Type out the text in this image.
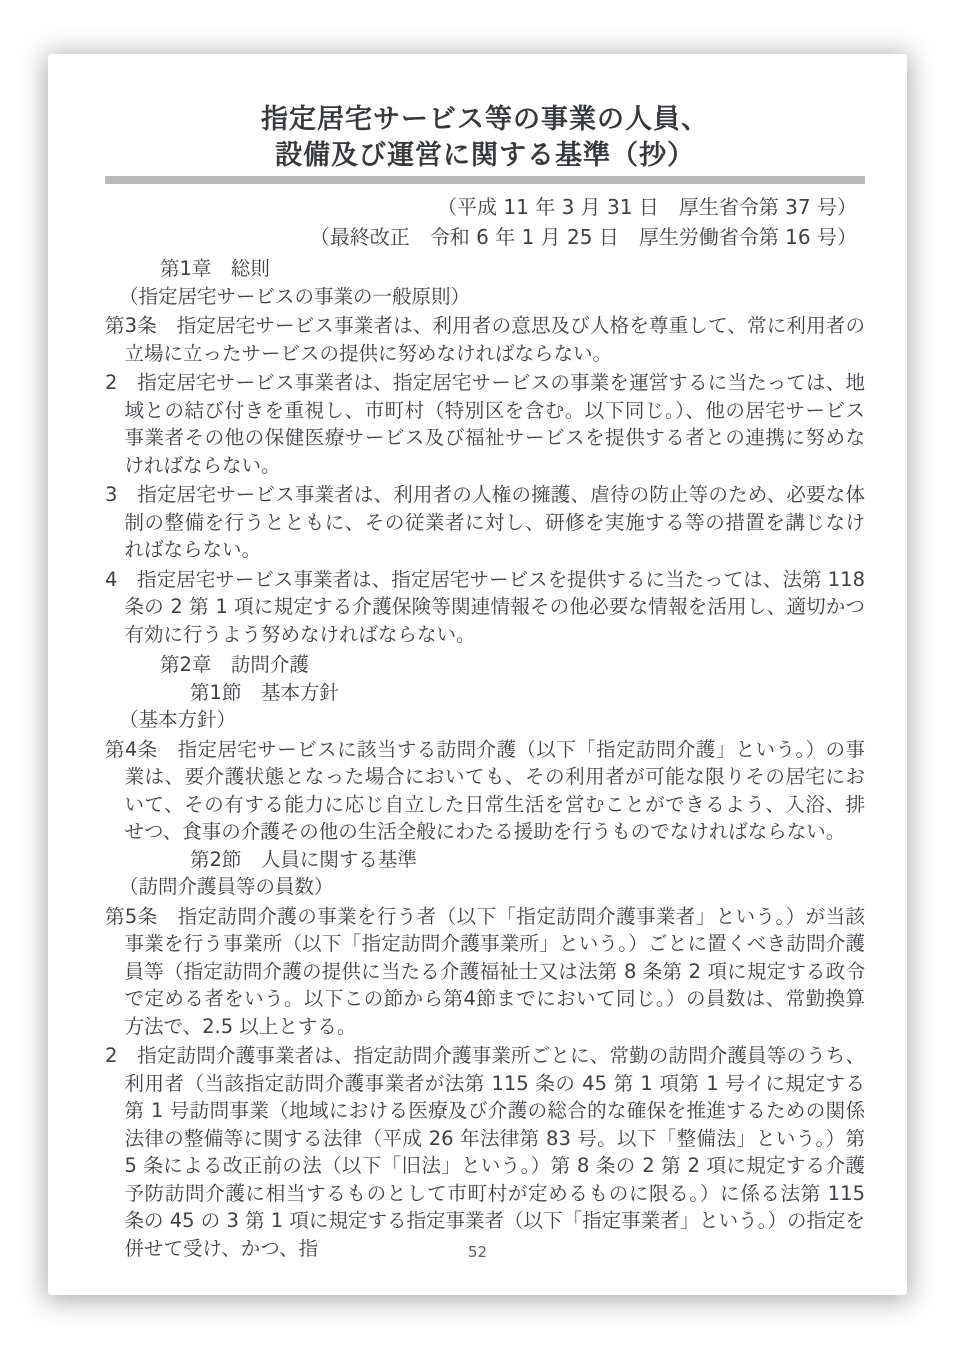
指定居宅サービス等の事業の人員、
設備及び運営に関する基準（抄）
（平成 11 年 3 月 31 日　厚生省令第 37 号）
（最終改正　令和 6 年 1 月 25 日　厚生労働省令第 16 号）

第1章　総則

（指定居宅サービスの事業の一般原則）

第3条　指定居宅サービス事業者は、利用者の意思及び人格を尊重して、常に利用者の立場に立ったサービスの提供に努めなければならない。

2　指定居宅サービス事業者は、指定居宅サービスの事業を運営するに当たっては、地域との結び付きを重視し、市町村（特別区を含む。以下同じ。）、他の居宅サービス事業者その他の保健医療サービス及び福祉サービスを提供する者との連携に努めなければならない。

3　指定居宅サービス事業者は、利用者の人権の擁護、虐待の防止等のため、必要な体制の整備を行うとともに、その従業者に対し、研修を実施する等の措置を講じなければならない。

4　指定居宅サービス事業者は、指定居宅サービスを提供するに当たっては、法第 118 条の 2 第 1 項に規定する介護保険等関連情報その他必要な情報を活用し、適切かつ有効に行うよう努めなければならない。

第2章　訪問介護

第1節　基本方針

（基本方針）

第4条　指定居宅サービスに該当する訪問介護（以下「指定訪問介護」という。）の事業は、要介護状態となった場合においても、その利用者が可能な限りその居宅において、その有する能力に応じ自立した日常生活を営むことができるよう、入浴、排せつ、食事の介護その他の生活全般にわたる援助を行うものでなければならない。

第2節　人員に関する基準

（訪問介護員等の員数）

第5条　指定訪問介護の事業を行う者（以下「指定訪問介護事業者」という。）が当該事業を行う事業所（以下「指定訪問介護事業所」という。）ごとに置くべき訪問介護員等（指定訪問介護の提供に当たる介護福祉士又は法第 8 条第 2 項に規定する政令で定める者をいう。以下この節から第4節までにおいて同じ。）の員数は、常勤換算方法で、2.5 以上とする。

2　指定訪問介護事業者は、指定訪問介護事業所ごとに、常勤の訪問介護員等のうち、利用者（当該指定訪問介護事業者が法第 115 条の 45 第 1 項第 1 号イに規定する第 1 号訪問事業（地域における医療及び介護の総合的な確保を推進するための関係法律の整備等に関する法律（平成 26 年法律第 83 号。以下「整備法」という。）第 5 条による改正前の法（以下「旧法」という。）第 8 条の 2 第 2 項に規定する介護予防訪問介護に相当するものとして市町村が定めるものに限る。）に係る法第 115 条の 45 の 3 第 1 項に規定する指定事業者（以下「指定事業者」という。）の指定を併せて受け、かつ、指	52
